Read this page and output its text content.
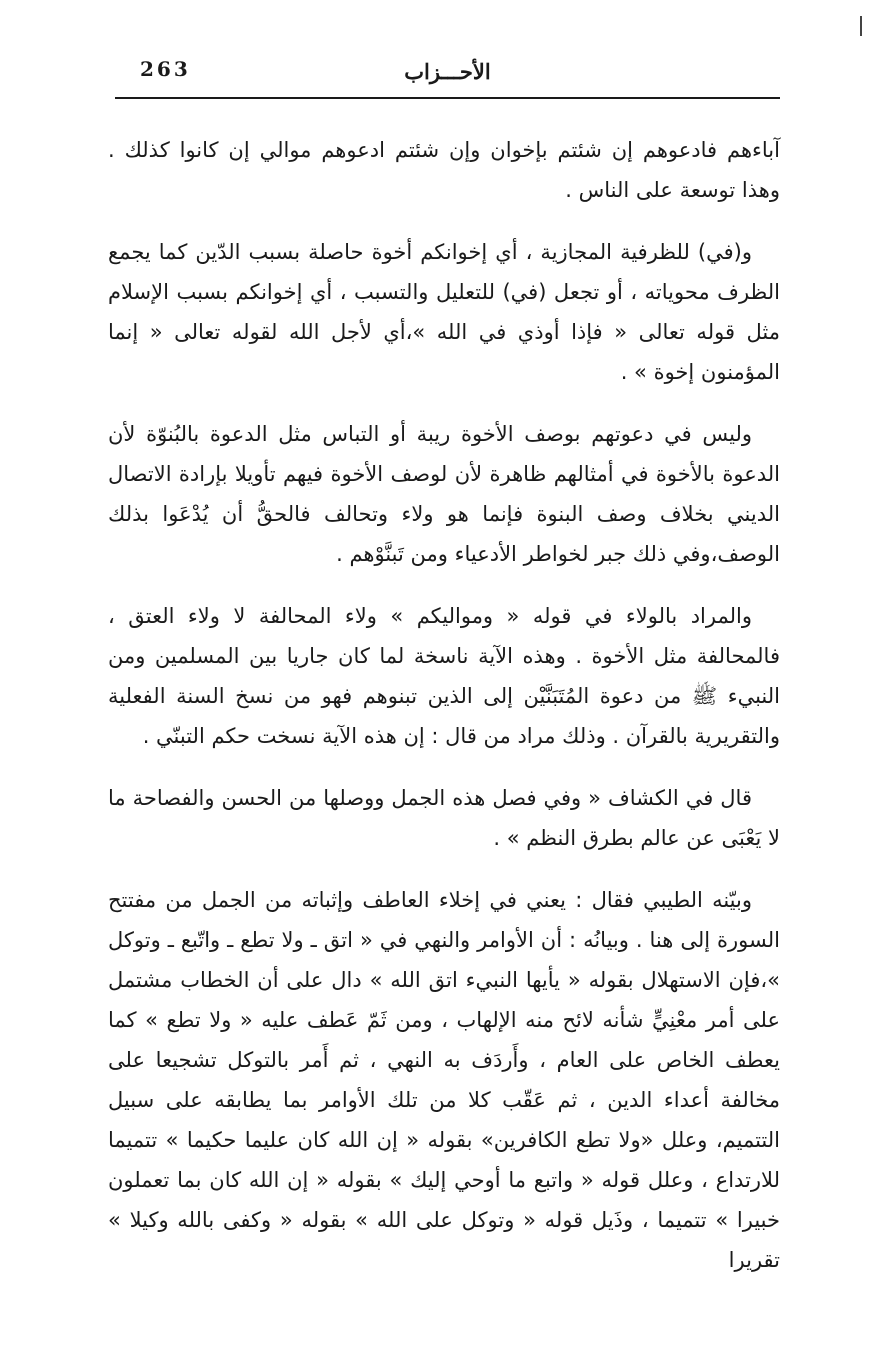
263	الأحـــزاب

آباءهم فادعوهم إن شئتم بإخوان وإن شئتم ادعوهم موالي إن كانوا كذلك . وهذا توسعة على الناس .

و(في) للظرفية المجازية ، أي إخوانكم أخوة حاصلة بسبب الدّين كما يجمع الظرف محوياته ، أو تجعل (في) للتعليل والتسبب ، أي إخوانكم بسبب الإسلام مثل قوله تعالى « فإذا أوذي في الله »،أي لأجل الله لقوله تعالى « إنما المؤمنون إخوة » .

وليس في دعوتهم بوصف الأخوة ريبة أو التباس مثل الدعوة بالبُنوّة لأن الدعوة بالأخوة في أمثالهم ظاهرة لأن لوصف الأخوة فيهم تأويلا بإرادة الاتصال الديني بخلاف وصف البنوة فإنما هو ولاء وتحالف فالحقُّ أن يُدْعَوا بذلك الوصف،وفي ذلك جبر لخواطر الأدعياء ومن تَبنَّوْهم .

والمراد بالولاء في قوله « ومواليكم » ولاء المحالفة لا ولاء العتق ، فالمحالفة مثل الأخوة . وهذه الآية ناسخة لما كان جاريا بين المسلمين ومن النبيء ﷺ من دعوة المُتَبَنَّيْن إلى الذين تبنوهم فهو من نسخ السنة الفعلية والتقريرية بالقرآن . وذلك مراد من قال : إن هذه الآية نسخت حكم التبنّي .

قال في الكشاف « وفي فصل هذه الجمل ووصلها من الحسن والفصاحة ما لا يَعْبَى عن عالم بطرق النظم » .

وبيّنه الطيبي فقال : يعني في إخلاء العاطف وإثباته من الجمل من مفتتح السورة إلى هنا . وبيانُه : أن الأوامر والنهي في « اتق ـ ولا تطع ـ واتّبع ـ وتوكل »،فإن الاستهلال بقوله « يأيها النبيء اتق الله » دال على أن الخطاب مشتمل على أمر معْنِيٍّ شأنه لائح منه الإلهاب ، ومن ثَمّ عَطف عليه « ولا تطع » كما يعطف الخاص على العام ، وأَردَف به النهي ، ثم أَمر بالتوكل تشجيعا على مخالفة أعداء الدين ، ثم عَقّب كلا من تلك الأوامر بما يطابقه على سبيل التتميم، وعلل «ولا تطع الكافرين» بقوله « إن الله كان عليما حكيما » تتميما للارتداع ، وعلل قوله « واتبع ما أوحي إليك » بقوله « إن الله كان بما تعملون خبيرا » تتميما ، وذَيل قوله « وتوكل على الله » بقوله « وكفى بالله وكيلا » تقريرا
